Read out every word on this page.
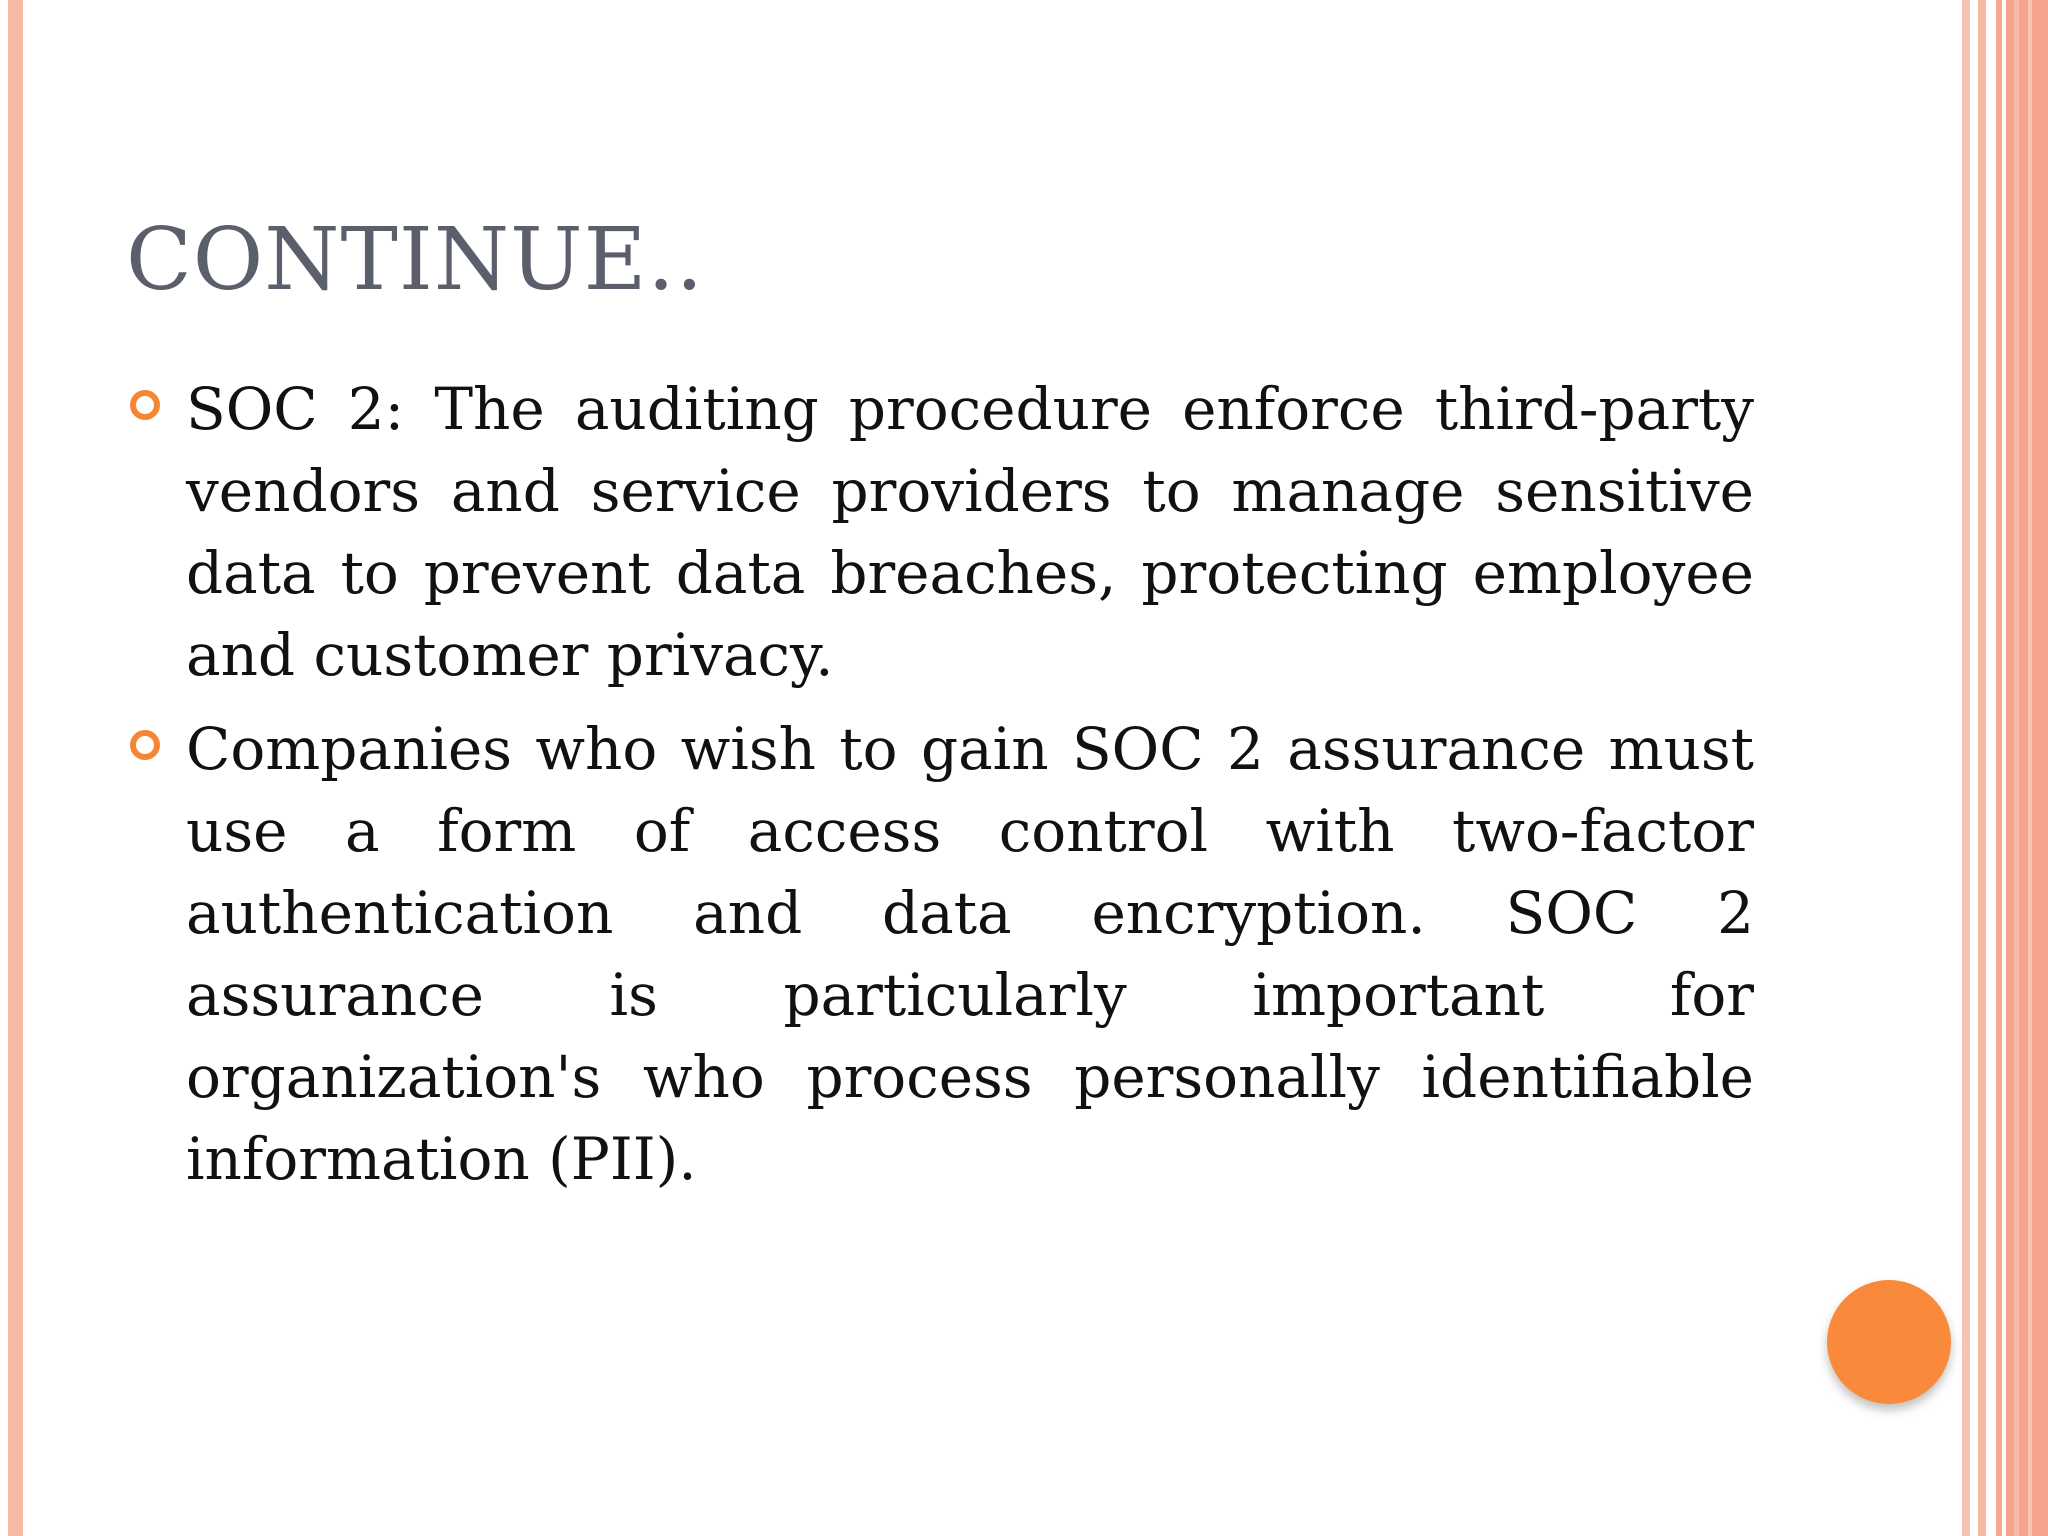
CONTINUE..
SOC 2: The auditing procedure enforce third-party vendors and service providers to manage sensitive data to prevent data breaches, protecting employee and customer privacy.
Companies who wish to gain SOC 2 assurance must use a form of access control with two-factor authentication and data encryption. SOC 2 assurance is particularly important for organization's who process personally identifiable information (PII).
